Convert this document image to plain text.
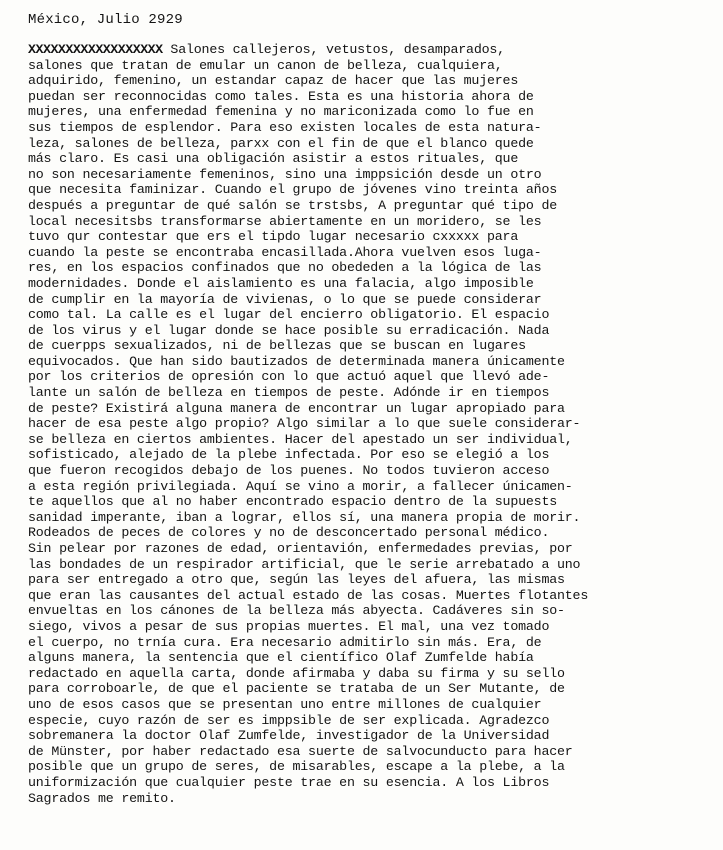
México, Julio 2929
XXXXXXXXXXXXXXXXXX Salones callejeros, vetustos, desamparados,
salones que tratan de emular un canon de belleza, cualquiera,
adquirido, femenino, un estandar capaz de hacer que las mujeres
puedan ser reconnocidas como tales. Esta es una historia ahora de
mujeres, una enfermedad femenina y no mariconizada como lo fue en
sus tiempos de esplendor. Para eso existen locales de esta natura-
leza, salones de belleza, parxx con el fin de que el blanco quede
más claro. Es casi una obligación asistir a estos rituales, que
no son necesariamente femeninos, sino una imppsición desde un otro
que necesita faminizar. Cuando el grupo de jóvenes vino treinta años
después a preguntar de qué salón se trstsbs, A preguntar qué tipo de
local necesitsbs transformarse abiertamente en un moridero, se les
tuvo qur contestar que ers el tipdo lugar necesario cxxxxx para
cuando la peste se encontraba encasillada.Ahora vuelven esos luga-
res, en los espacios confinados que no obededen a la lógica de las
modernidades. Donde el aislamiento es una falacia, algo imposible
de cumplir en la mayoría de vivienas, o lo que se puede considerar
como tal. La calle es el lugar del encierro obligatorio. El espacio
de los virus y el lugar donde se hace posible su erradicación. Nada
de cuerpps sexualizados, ni de bellezas que se buscan en lugares
equivocados. Que han sido bautizados de determinada manera únicamente
por los criterios de opresión con lo que actuó aquel que llevó ade-
lante un salón de belleza en tiempos de peste. Adónde ir en tiempos
de peste? Existirá alguna manera de encontrar un lugar apropiado para
hacer de esa peste algo propio? Algo similar a lo que suele considerar-
se belleza en ciertos ambientes. Hacer del apestado un ser individual,
sofisticado, alejado de la plebe infectada. Por eso se elegió a los
que fueron recogidos debajo de los puenes. No todos tuvieron acceso
a esta región privilegiada. Aquí se vino a morir, a fallecer únicamen-
te aquellos que al no haber encontrado espacio dentro de la supuests
sanidad imperante, iban a lograr, ellos sí, una manera propia de morir.
Rodeados de peces de colores y no de desconcertado personal médico.
Sin pelear por razones de edad, orientavión, enfermedades previas, por
las bondades de un respirador artificial, que le serie arrebatado a uno
para ser entregado a otro que, según las leyes del afuera, las mismas
que eran las causantes del actual estado de las cosas. Muertes flotantes
envueltas en los cánones de la belleza más abyecta. Cadáveres sin so-
siego, vivos a pesar de sus propias muertes. El mal, una vez tomado
el cuerpo, no trnía cura. Era necesario admitirlo sin más. Era, de
alguns manera, la sentencia que el científico Olaf Zumfelde había
redactado en aquella carta, donde afirmaba y daba su firma y su sello
para corroboarle, de que el paciente se trataba de un Ser Mutante, de
uno de esos casos que se presentan uno entre millones de cualquier
especie, cuyo razón de ser es imppsible de ser explicada. Agradezco
sobremanera la doctor Olaf Zumfelde, investigador de la Universidad
de Münster, por haber redactado esa suerte de salvocunducto para hacer
posible que un grupo de seres, de misarables, escape a la plebe, a la
uniformización que cualquier peste trae en su esencia. A los Libros
Sagrados me remito.
